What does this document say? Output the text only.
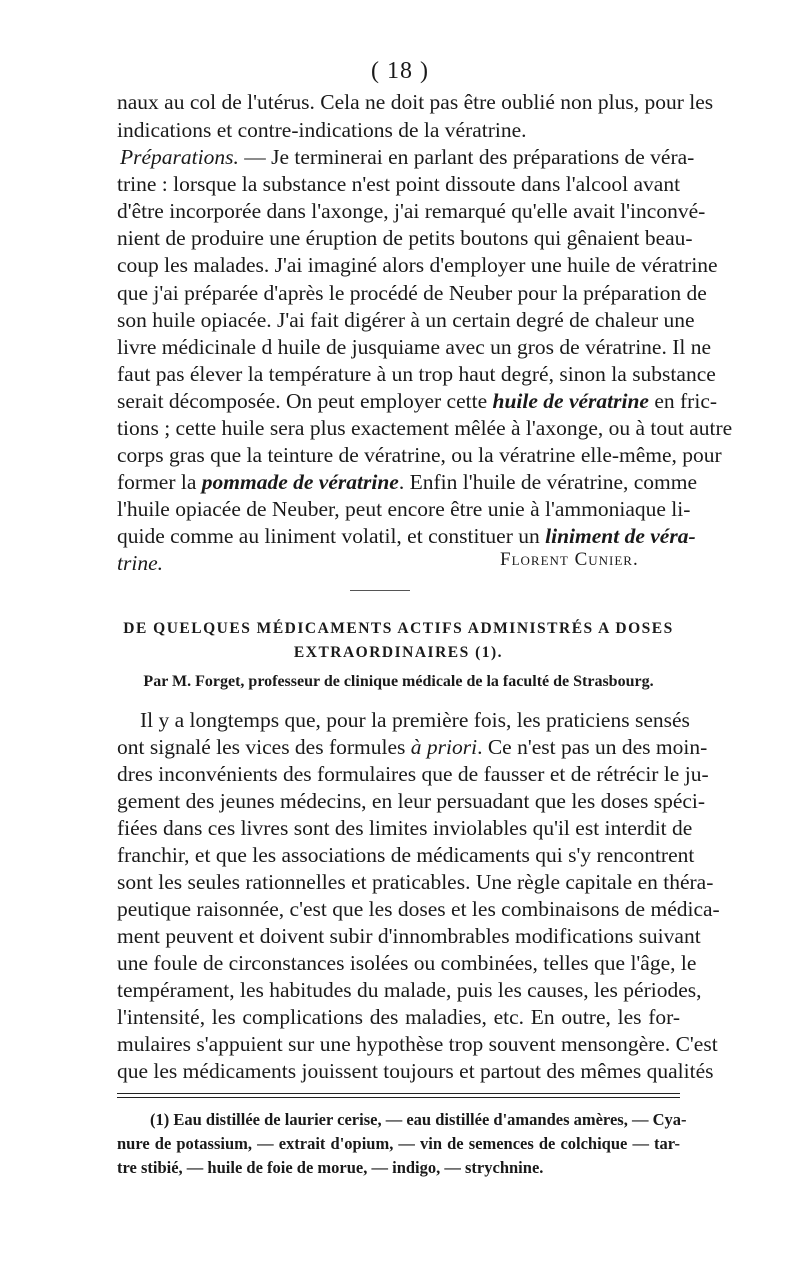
( 18 )
naux au col de l'utérus. Cela ne doit pas être oublié non plus, pour les
indications et contre-indications de la vératrine.
Préparations. — Je terminerai en parlant des préparations de véra-
trine : lorsque la substance n'est point dissoute dans l'alcool avant
d'être incorporée dans l'axonge, j'ai remarqué qu'elle avait l'inconvé-
nient de produire une éruption de petits boutons qui gênaient beau-
coup les malades. J'ai imaginé alors d'employer une huile de vératrine
que j'ai préparée d'après le procédé de Neuber pour la préparation de
son huile opiacée. J'ai fait digérer à un certain degré de chaleur une
livre médicinale d huile de jusquiame avec un gros de vératrine. Il ne
faut pas élever la température à un trop haut degré, sinon la substance
serait décomposée. On peut employer cette huile de vératrine en fric-
tions ; cette huile sera plus exactement mêlée à l'axonge, ou à tout autre
corps gras que la teinture de vératrine, ou la vératrine elle-même, pour
former la pommade de vératrine. Enfin l'huile de vératrine, comme
l'huile opiacée de Neuber, peut encore être unie à l'ammoniaque li-
quide comme au liniment volatil, et constituer un liniment de véra-
trine.	Florent Cunier.
DE QUELQUES MÉDICAMENTS ACTIFS ADMINISTRÉS A DOSES
EXTRAORDINAIRES (1).
Par M. Forget, professeur de clinique médicale de la faculté de Strasbourg.
Il y a longtemps que, pour la première fois, les praticiens sensés
ont signalé les vices des formules à priori. Ce n'est pas un des moin-
dres inconvénients des formulaires que de fausser et de rétrécir le ju-
gement des jeunes médecins, en leur persuadant que les doses spéci-
fiées dans ces livres sont des limites inviolables qu'il est interdit de
franchir, et que les associations de médicaments qui s'y rencontrent
sont les seules rationnelles et praticables. Une règle capitale en théra-
peutique raisonnée, c'est que les doses et les combinaisons de médica-
ment peuvent et doivent subir d'innombrables modifications suivant
une foule de circonstances isolées ou combinées, telles que l'âge, le
tempérament, les habitudes du malade, puis les causes, les périodes,
l'intensité, les complications des maladies, etc. En outre, les for-
mulaires s'appuient sur une hypothèse trop souvent mensongère. C'est
que les médicaments jouissent toujours et partout des mêmes qualités
(1) Eau distillée de laurier cerise, — eau distillée d'amandes amères, — Cya-
nure de potassium, — extrait d'opium, — vin de semences de colchique — tar-
tre stibié, — huile de foie de morue, — indigo, — strychnine.
